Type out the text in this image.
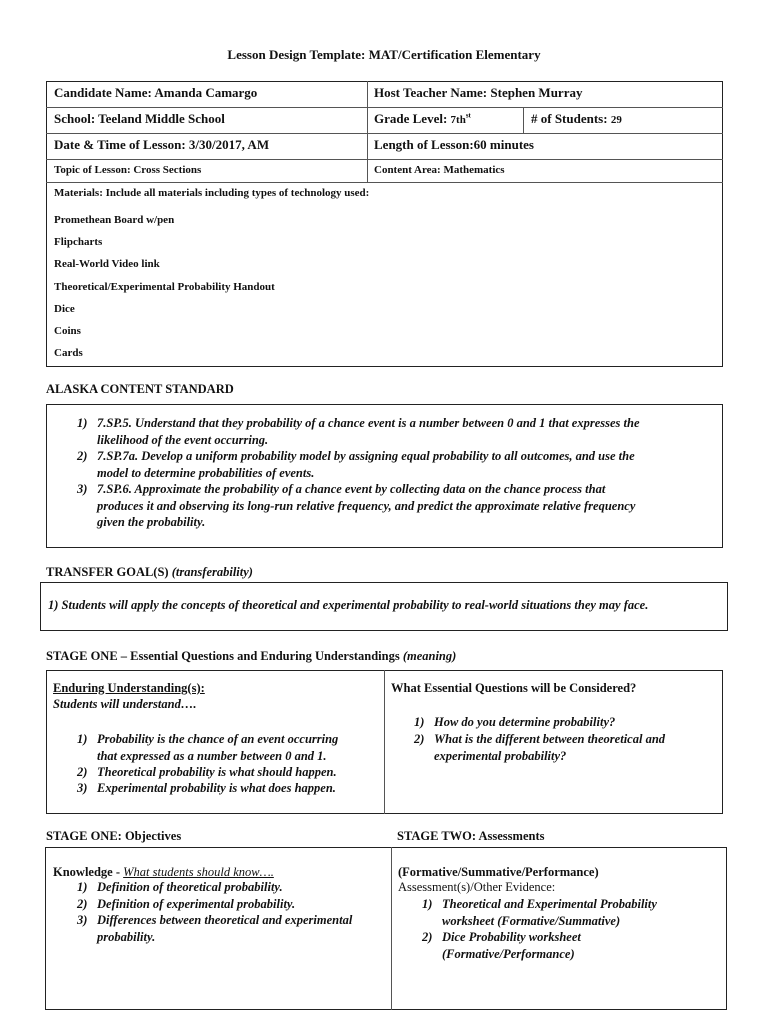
Lesson Design Template: MAT/Certification Elementary
Candidate Name: Amanda Camargo	Host Teacher Name: Stephen Murray
School: Teeland Middle School	Grade Level: $7th^{st}$	# of Students: 29
Date & Time of Lesson: 3/30/2017, AM	Length of Lesson:60 minutes
Topic of Lesson: Cross Sections	Content Area: Mathematics
Materials: Include all materials including types of technology used:
Promethean Board w/pen
Flipcharts
Real-World Video link
Theoretical/Experimental Probability Handout
Dice
Coins
Cards
ALASKA CONTENT STANDARD
1) 7.SP.5. Understand that they probability of a chance event is a number between 0 and 1 that expresses the
likelihood of the event occurring.
2) 7.SP.7a. Develop a uniform probability model by assigning equal probability to all outcomes, and use the
model to determine probabilities of events.
3) 7.SP.6. Approximate the probability of a chance event by collecting data on the chance process that
produces it and observing its long-run relative frequency, and predict the approximate relative frequency
given the probability.
TRANSFER GOAL(S) (transferability)
1) Students will apply the concepts of theoretical and experimental probability to real-world situations they may face.
STAGE ONE – Essential Questions and Enduring Understandings (meaning)
Enduring Understanding(s):
Students will understand….
1) Probability is the chance of an event occurring
that expressed as a number between 0 and 1.
2) Theoretical probability is what should happen.
3) Experimental probability is what does happen.
What Essential Questions will be Considered?
1) How do you determine probability?
2) What is the different between theoretical and
experimental probability?
STAGE ONE: Objectives	STAGE TWO: Assessments
Knowledge - What students should know….
1) Definition of theoretical probability.
2) Definition of experimental probability.
3) Differences between theoretical and experimental
probability.
(Formative/Summative/Performance)
Assessment(s)/Other Evidence:
1) Theoretical and Experimental Probability
worksheet (Formative/Summative)
2) Dice Probability worksheet
(Formative/Performance)
